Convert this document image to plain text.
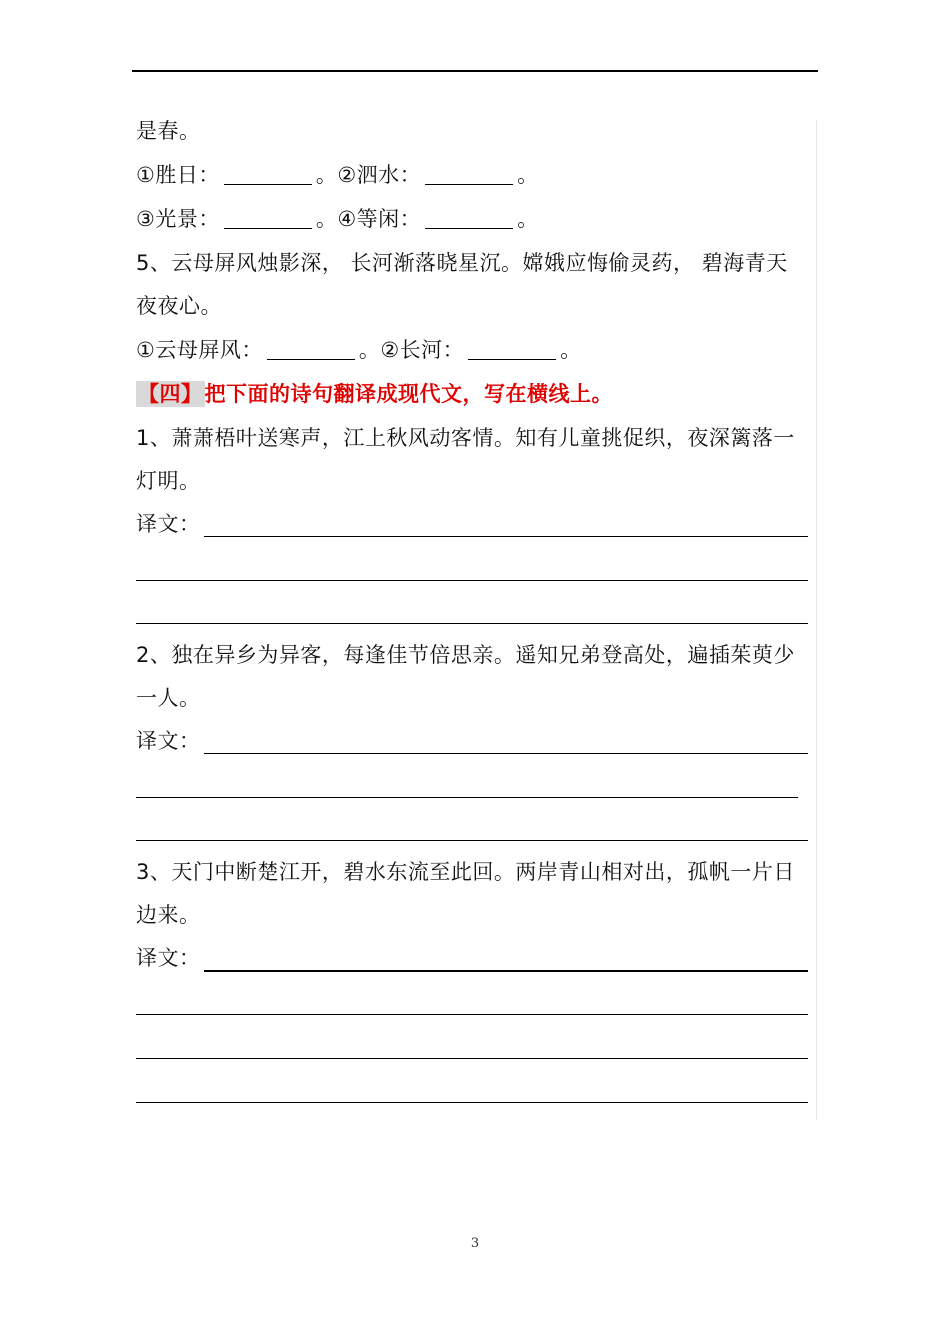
是春。
①胜日：	。②泗水：	。
③光景：	。④等闲：	。
5、云母屏风烛影深， 长河渐落晓星沉。嫦娥应悔偷灵药， 碧海青天
夜夜心。
①云母屏风：	。②长河：	。
【四】把下面的诗句翻译成现代文，写在横线上。
1、萧萧梧叶送寒声，江上秋风动客情。知有儿童挑促织，夜深篱落一
灯明。
译文：
2、独在异乡为异客，每逢佳节倍思亲。遥知兄弟登高处，遍插茱萸少
一人。
译文：
3、天门中断楚江开，碧水东流至此回。两岸青山相对出，孤帆一片日
边来。
译文：
3
